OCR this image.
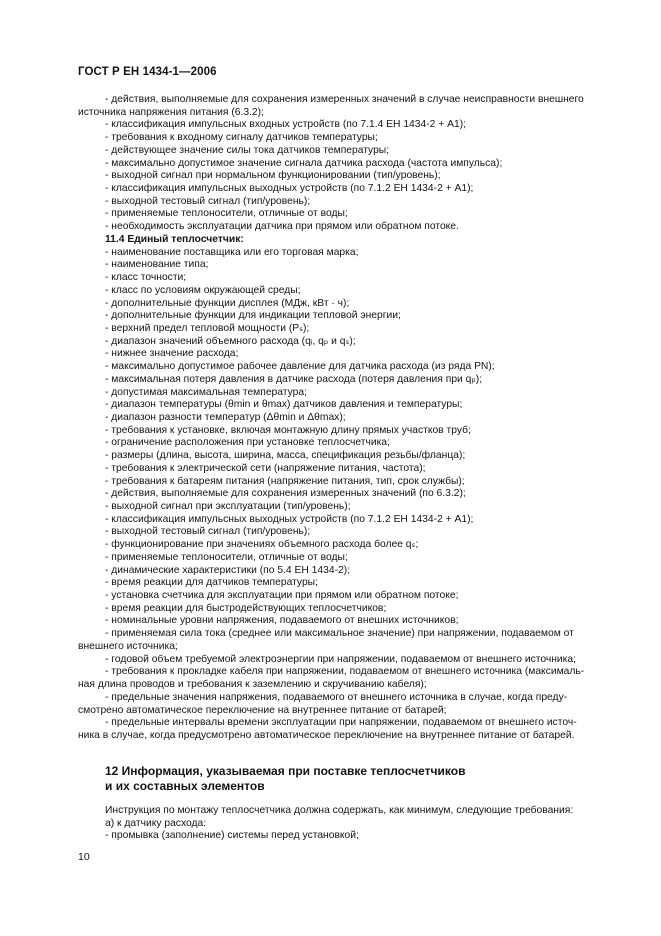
ГОСТ Р ЕН 1434-1—2006
- действия, выполняемые для сохранения измеренных значений в случае неисправности внешнего
источника напряжения питания (6.3.2);
- классификация импульсных входных устройств (по 7.1.4 ЕН 1434-2 + А1);
- требования к входному сигналу датчиков температуры;
- действующее значение силы тока датчиков температуры;
- максимально допустимое значение сигнала датчика расхода (частота импульса);
- выходной сигнал при нормальном функционировании (тип/уровень);
- классификация импульсных выходных устройств (по 7.1.2 ЕН 1434-2 + А1);
- выходной тестовый сигнал (тип/уровень);
- применяемые теплоносители, отличные от воды;
- необходимость эксплуатации датчика при прямом или обратном потоке.
11.4 Единый теплосчетчик:
- наименование поставщика или его торговая марка;
- наименование типа;
- класс точности;
- класс по условиям окружающей среды;
- дополнительные функции дисплея (МДж, кВт · ч);
- дополнительные функции для индикации тепловой энергии;
- верхний предел тепловой мощности (Pₛ);
- диапазон значений объемного расхода (qᵢ, qₚ и qₛ);
- нижнее значение расхода;
- максимально допустимое рабочее давление для датчика расхода (из ряда PN);
- максимальная потеря давления в датчике расхода (потеря давления при qₚ);
- допустимая максимальная температура;
- диапазон температуры (θmin и θmax) датчиков давления и температуры;
- диапазон разности температур (Δθmin и Δθmax);
- требования к установке, включая монтажную длину прямых участков труб;
- ограничение расположения при установке теплосчетчика;
- размеры (длина, высота, ширина, масса, спецификация резьбы/фланца);
- требования к электрической сети (напряжение питания, частота);
- требования к батареям питания (напряжение питания, тип, срок службы);
- действия, выполняемые для сохранения измеренных значений (по 6.3.2);
- выходной сигнал при эксплуатации (тип/уровень);
- классификация импульсных выходных устройств (по 7.1.2 ЕН 1434-2 + А1);
- выходной тестовый сигнал (тип/уровень);
- функционирование при значениях объемного расхода более qₛ;
- применяемые теплоносители, отличные от воды;
- динамические характеристики (по 5.4 ЕН 1434-2);
- время реакции для датчиков температуры;
- установка счетчика для эксплуатации при прямом или обратном потоке;
- время реакции для быстродействующих теплосчетчиков;
- номинальные уровни напряжения, подаваемого от внешних источников;
- применяемая сила тока (среднее или максимальное значение) при напряжении, подаваемом от
внешнего источника;
- годовой объем требуемой электроэнергии при напряжении, подаваемом от внешнего источника;
- требования к прокладке кабеля при напряжении, подаваемом от внешнего источника (максималь-
ная длина проводов и требования к заземлению и скручиванию кабеля);
- предельные значения напряжения, подаваемого от внешнего источника в случае, когда преду-
смотрено автоматическое переключение на внутреннее питание от батарей;
- предельные интервалы времени эксплуатации при напряжении, подаваемом от внешнего источ-
ника в случае, когда предусмотрено автоматическое переключение на внутреннее питание от батарей.
12 Информация, указываемая при поставке теплосчетчиков
и их составных элементов
Инструкция по монтажу теплосчетчика должна содержать, как минимум, следующие требования:
а) к датчику расхода:
- промывка (заполнение) системы перед установкой;
10
